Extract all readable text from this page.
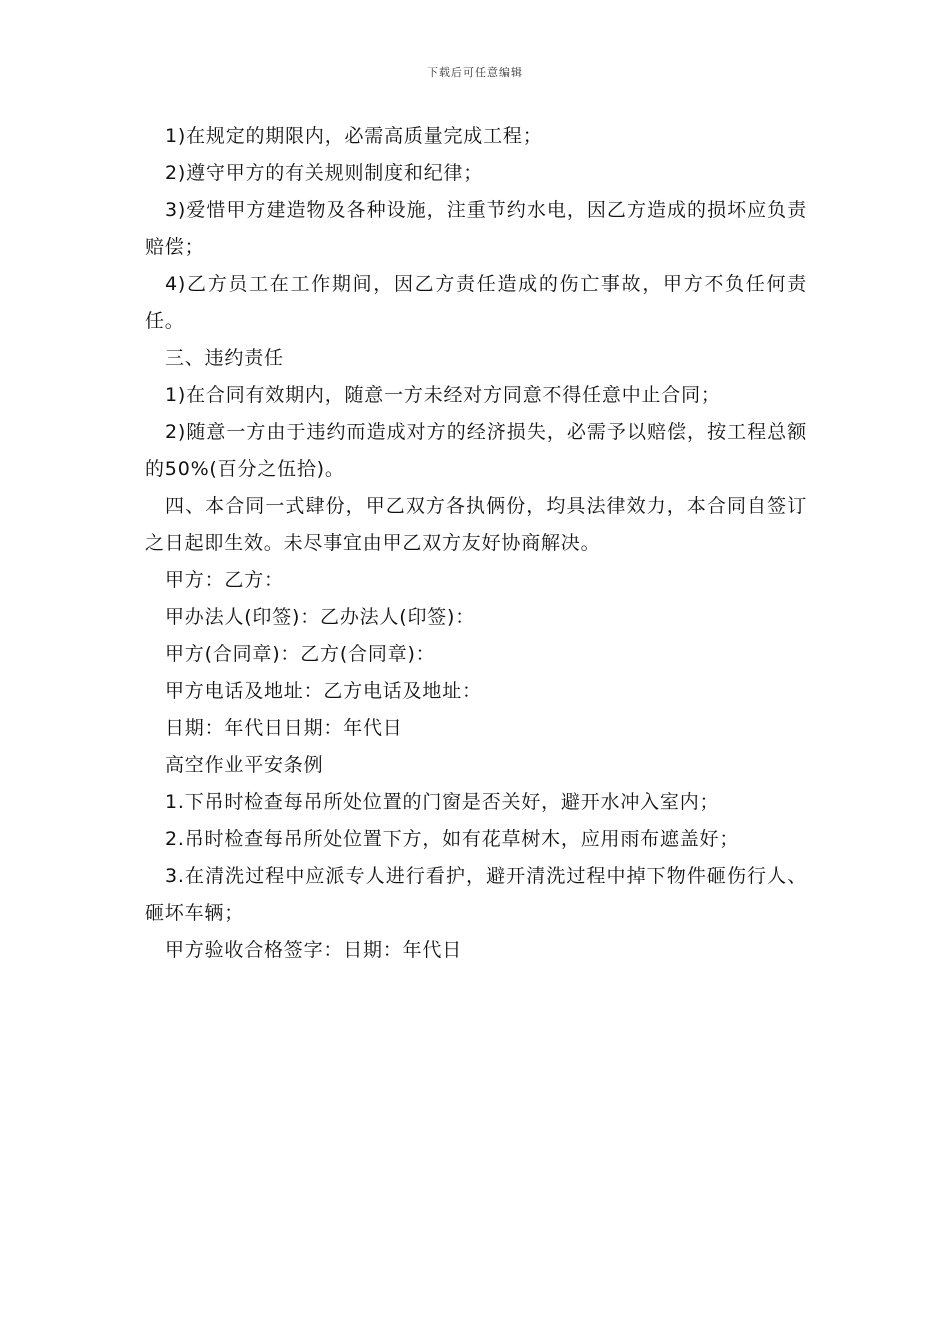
下载后可任意编辑

1)在规定的期限内，必需高质量完成工程；

2)遵守甲方的有关规则制度和纪律；

3)爱惜甲方建造物及各种设施，注重节约水电，因乙方造成的损坏应负责赔偿；

4)乙方员工在工作期间，因乙方责任造成的伤亡事故，甲方不负任何责任。

三、违约责任

1)在合同有效期内，随意一方未经对方同意不得任意中止合同；

2)随意一方由于违约而造成对方的经济损失，必需予以赔偿，按工程总额的50%(百分之伍拾)。

四、本合同一式肆份，甲乙双方各执俩份，均具法律效力，本合同自签订之日起即生效。未尽事宜由甲乙双方友好协商解决。

甲方：乙方：

甲办法人(印签)：乙办法人(印签)：

甲方(合同章)：乙方(合同章)：

甲方电话及地址：乙方电话及地址：

日期：年代日日期：年代日

高空作业平安条例

1.下吊时检查每吊所处位置的门窗是否关好，避开水冲入室内；

2.吊时检查每吊所处位置下方，如有花草树木，应用雨布遮盖好；

3.在清洗过程中应派专人进行看护，避开清洗过程中掉下物件砸伤行人、砸坏车辆；

甲方验收合格签字：日期：年代日
